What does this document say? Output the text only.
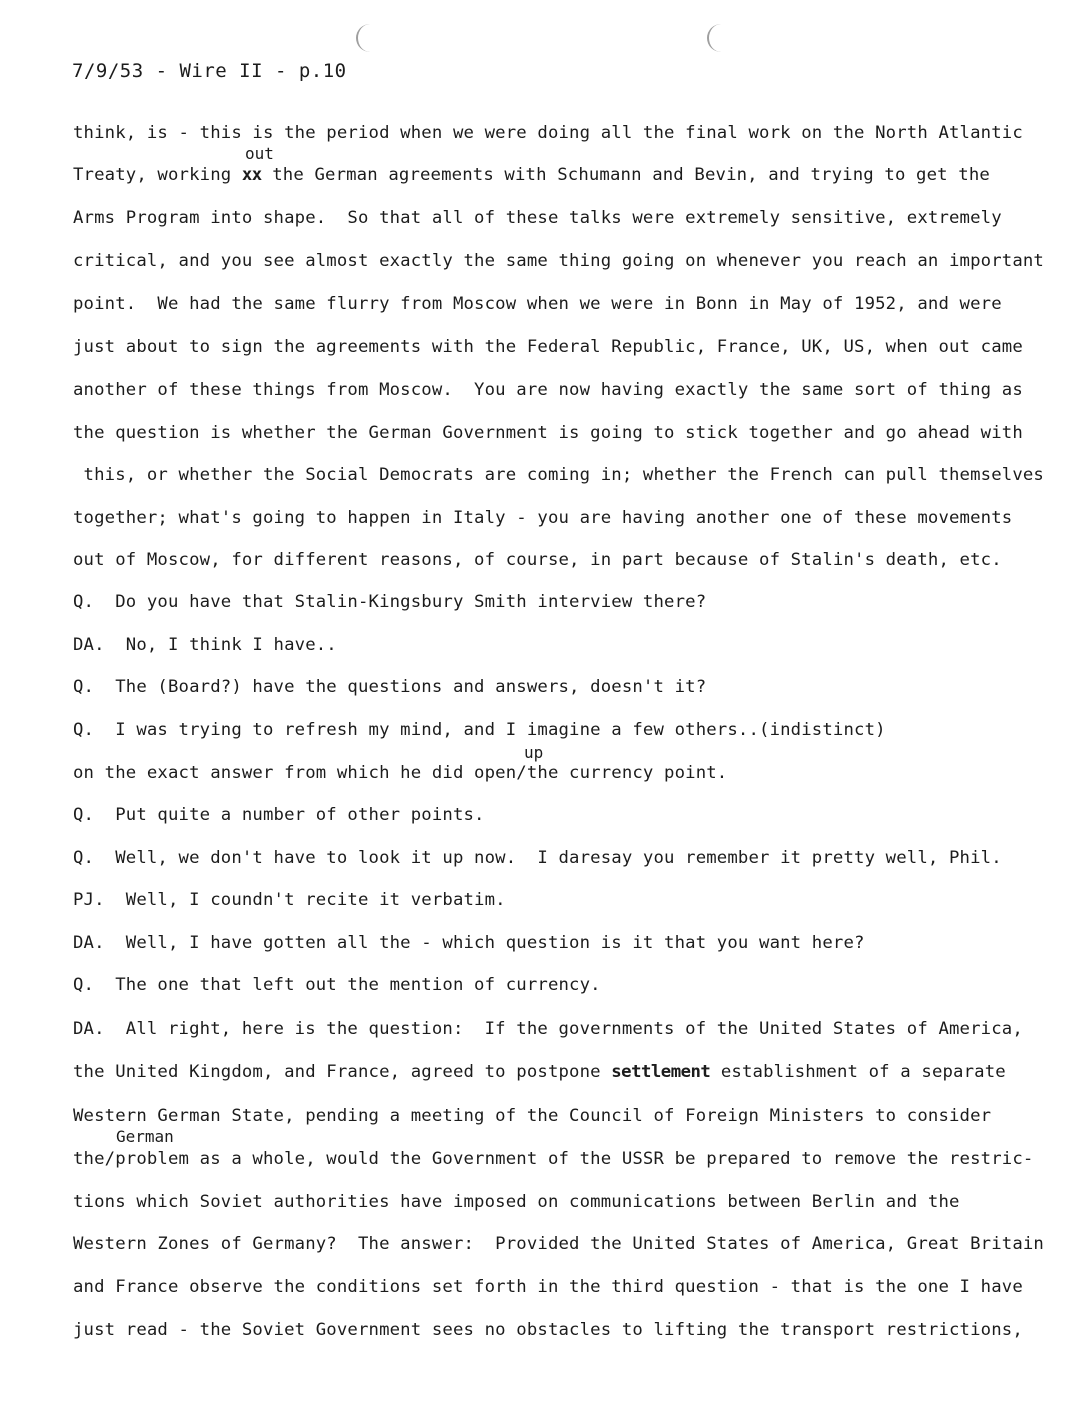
7/9/53 - Wire II - p.10
out
think, is - this is the period when we were doing all the final work on the North Atlantic
Treaty, working xx the German agreements with Schumann and Bevin, and trying to get the
Arms Program into shape.  So that all of these talks were extremely sensitive, extremely
critical, and you see almost exactly the same thing going on whenever you reach an important
point.  We had the same flurry from Moscow when we were in Bonn in May of 1952, and were
just about to sign the agreements with the Federal Republic, France, UK, US, when out came
another of these things from Moscow.  You are now having exactly the same sort of thing as
the question is whether the German Government is going to stick together and go ahead with
this, or whether the Social Democrats are coming in; whether the French can pull themselves
together; what's going to happen in Italy - you are having another one of these movements
out of Moscow, for different reasons, of course, in part because of Stalin's death, etc.
Q.  Do you have that Stalin-Kingsbury Smith interview there?
DA.  No, I think I have..
Q.  The (Board?) have the questions and answers, doesn't it?
Q.  I was trying to refresh my mind, and I imagine a few others..(indistinct)
up
on the exact answer from which he did open/the currency point.
Q.  Put quite a number of other points.
Q.  Well, we don't have to look it up now.  I daresay you remember it pretty well, Phil.
PJ.  Well, I coundn't recite it verbatim.
DA.  Well, I have gotten all the - which question is it that you want here?
Q.  The one that left out the mention of currency.
DA.  All right, here is the question:  If the governments of the United States of America,
the United Kingdom, and France, agreed to postpone settlement establishment of a separate
Western German State, pending a meeting of the Council of Foreign Ministers to consider
German
the/problem as a whole, would the Government of the USSR be prepared to remove the restric-
tions which Soviet authorities have imposed on communications between Berlin and the
Western Zones of Germany?  The answer:  Provided the United States of America, Great Britain
and France observe the conditions set forth in the third question - that is the one I have
just read - the Soviet Government sees no obstacles to lifting the transport restrictions,
